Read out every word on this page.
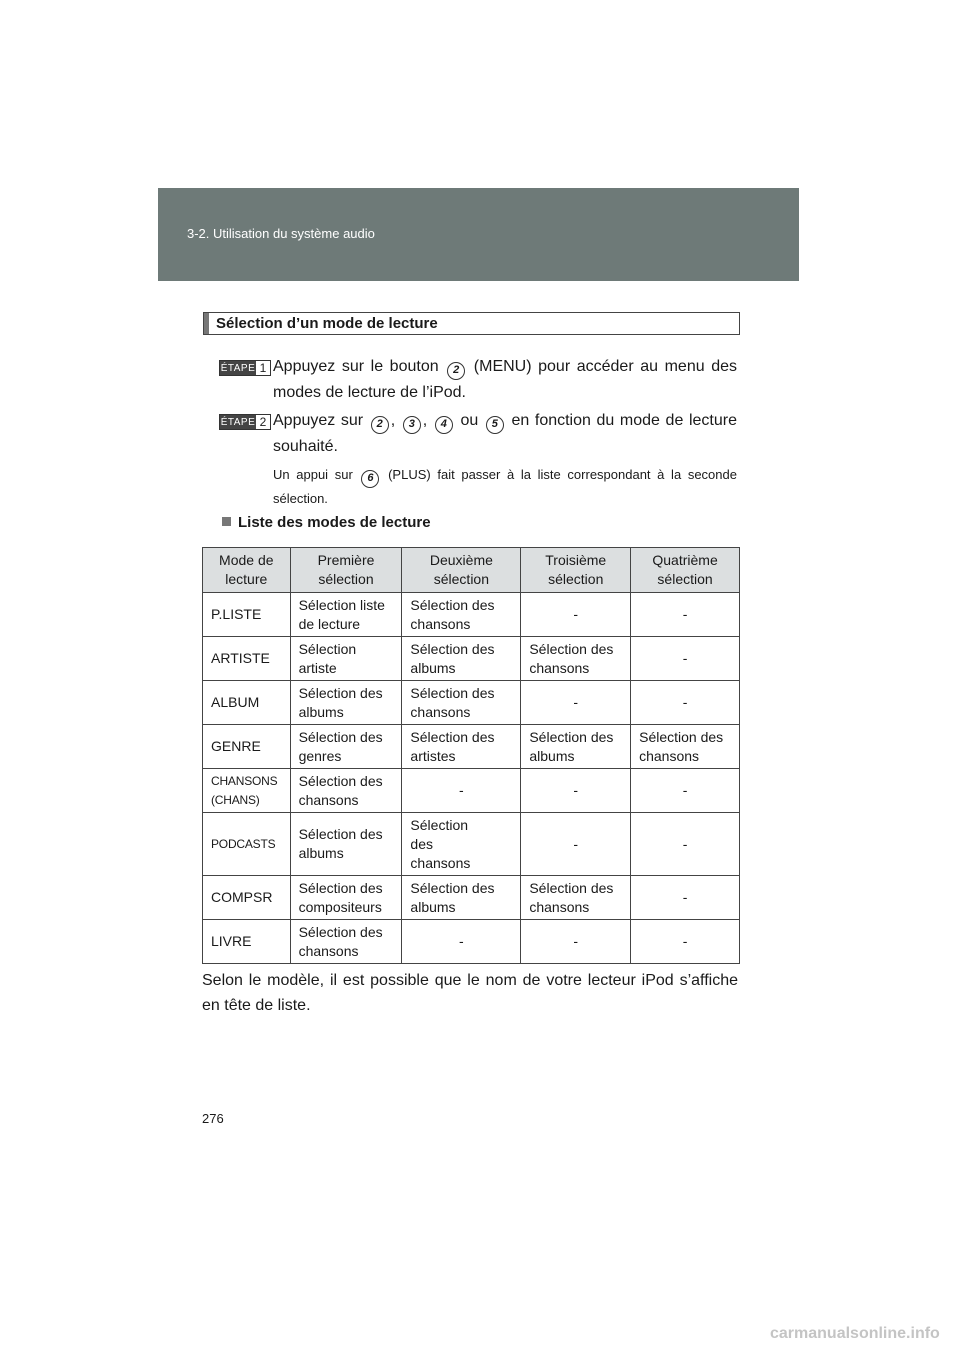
3-2. Utilisation du système audio
Sélection d’un mode de lecture
ÉTAPE 1 Appuyez sur le bouton 2 (MENU) pour accéder au menu des modes de lecture de l’iPod.
ÉTAPE 2 Appuyez sur 2 , 3 , 4 ou 5 en fonction du mode de lecture souhaité.
Un appui sur 6 (PLUS) fait passer à la liste correspondant à la seconde sélection.
Liste des modes de lecture
Mode de lecture	Première sélection	Deuxième sélection	Troisième sélection	Quatrième sélection
P.LISTE	Sélection liste de lecture	Sélection des chansons	-	-
ARTISTE	Sélection artiste	Sélection des albums	Sélection des chansons	-
ALBUM	Sélection des albums	Sélection des chansons	-	-
GENRE	Sélection des genres	Sélection des artistes	Sélection des albums	Sélection des chansons
CHANSONS (CHANS)	Sélection des chansons	-	-	-
PODCASTS	Sélection des albums	Sélection des chansons	-	-
COMPSR	Sélection des compositeurs	Sélection des albums	Sélection des chansons	-
LIVRE	Sélection des chansons	-	-	-
Selon le modèle, il est possible que le nom de votre lecteur iPod s’affiche en tête de liste.
276
carmanualsonline.info
